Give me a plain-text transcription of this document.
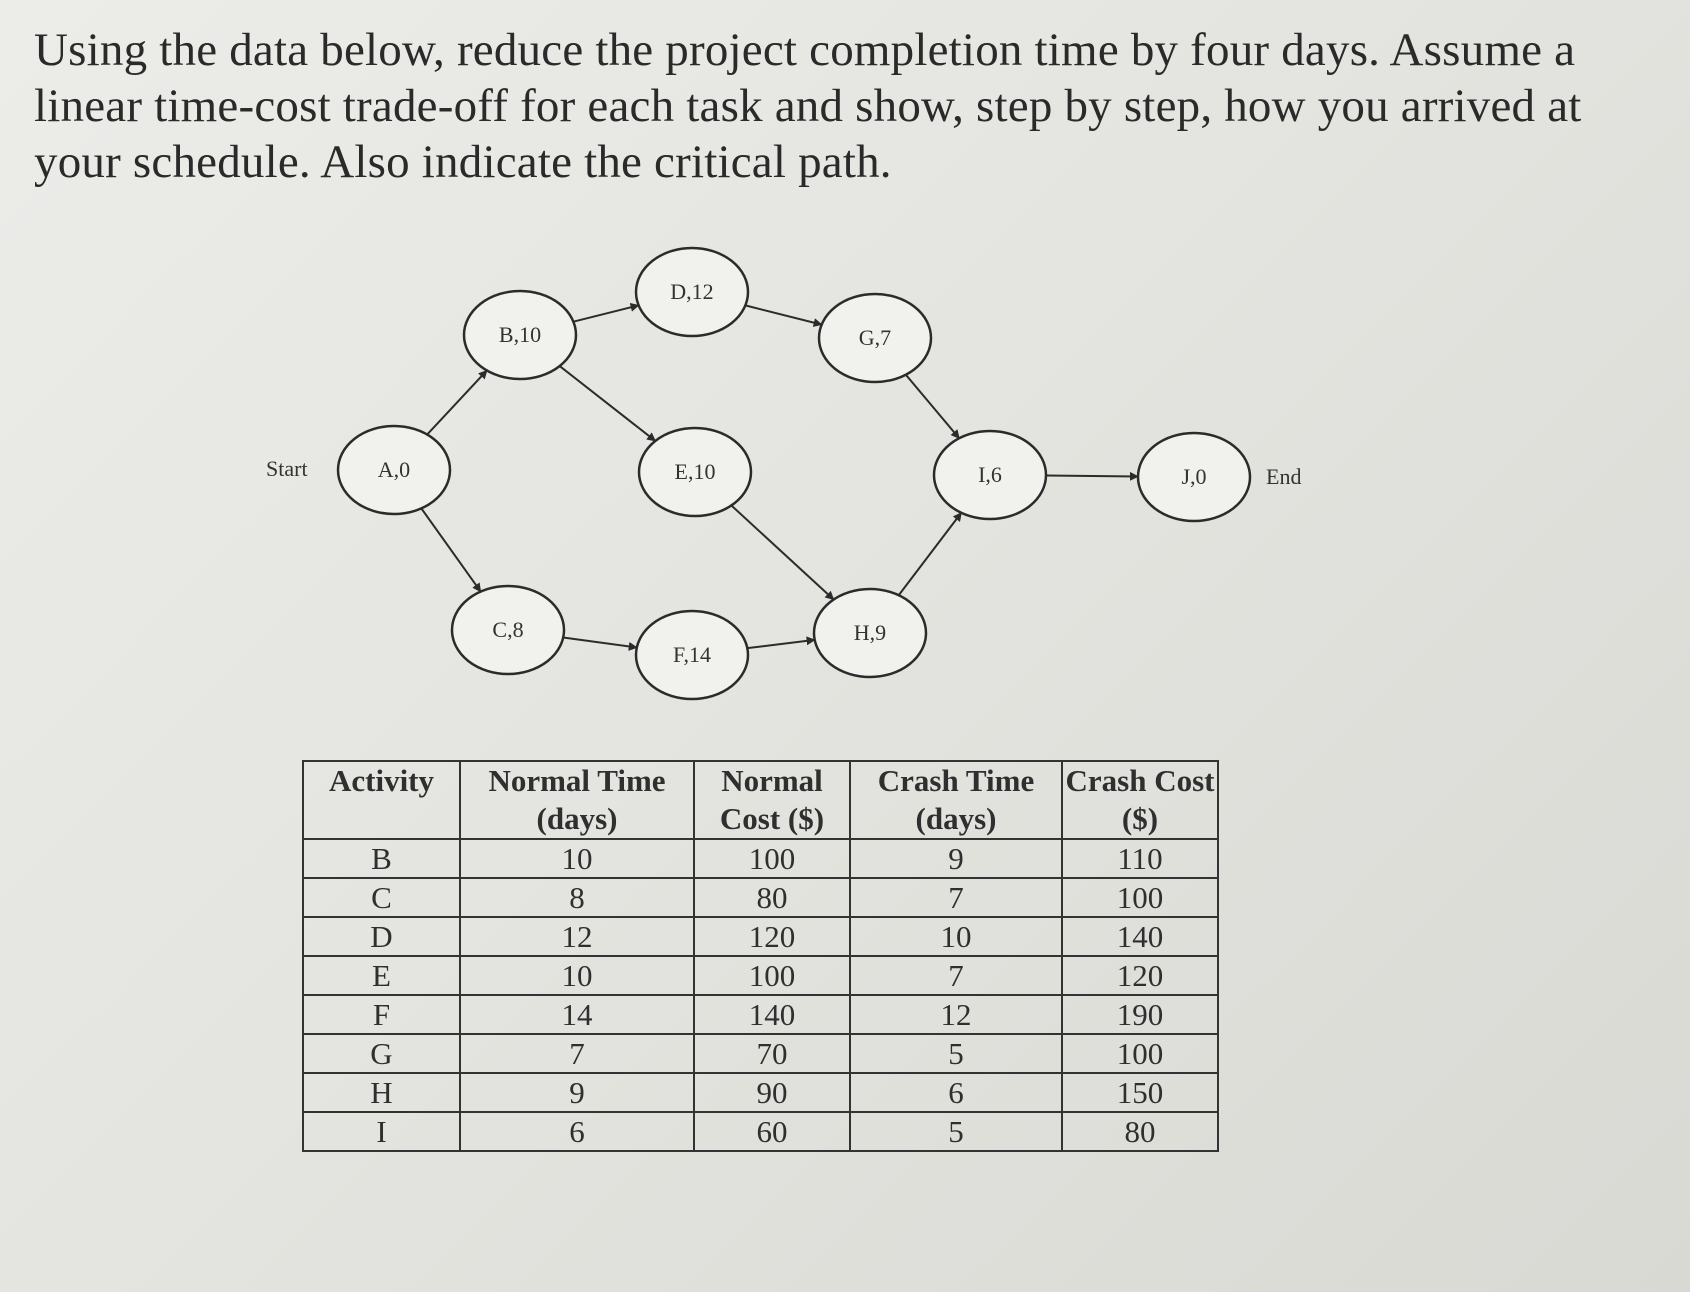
Using the data below, reduce the project completion time by four days. Assume a linear time-cost trade-off for each task and show, step by step, how you arrived at your schedule. Also indicate the critical path.

A,0
B,10
C,8
D,12
E,10
F,14
G,7
H,9
I,6	J,0
Start	End
Activity	Normal Time (days)	Normal Cost ($)	Crash Time (days)	Crash Cost ($)
B	10	100	9	110
C	8	80	7	100
D	12	120	10	140
E	10	100	7	120
F	14	140	12	190
G	7	70	5	100
H	9	90	6	150
I	6	60	5	80
